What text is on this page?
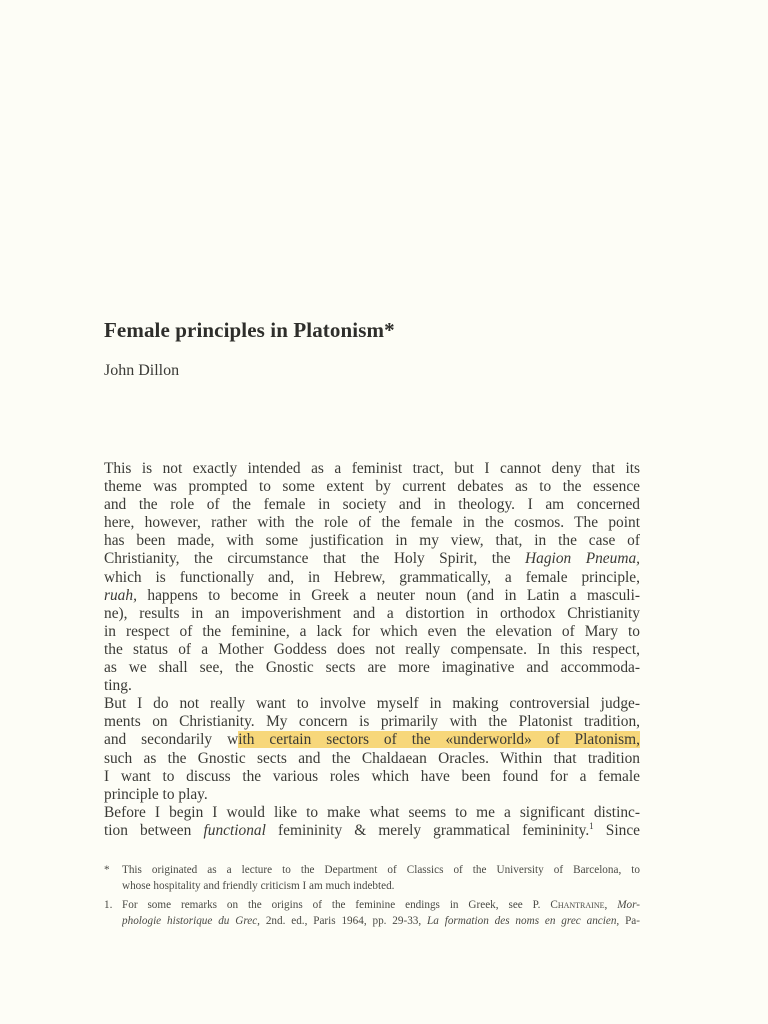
Female principles in Platonism*
John Dillon
This is not exactly intended as a feminist tract, but I cannot deny that its
theme was prompted to some extent by current debates as to the essence
and the role of the female in society and in theology. I am concerned
here, however, rather with the role of the female in the cosmos. The point
has been made, with some justification in my view, that, in the case of
Christianity, the circumstance that the Holy Spirit, the Hagion Pneuma,
which is functionally and, in Hebrew, grammatically, a female principle,
ruah, happens to become in Greek a neuter noun (and in Latin a masculi-
ne), results in an impoverishment and a distortion in orthodox Christianity
in respect of the feminine, a lack for which even the elevation of Mary to
the status of a Mother Goddess does not really compensate. In this respect,
as we shall see, the Gnostic sects are more imaginative and accommoda-
ting.
But I do not really want to involve myself in making controversial judge-
ments on Christianity. My concern is primarily with the Platonist tradition,
and secondarily with certain sectors of the «underworld» of Platonism,
such as the Gnostic sects and the Chaldaean Oracles. Within that tradition
I want to discuss the various roles which have been found for a female
principle to play.
Before I begin I would like to make what seems to me a significant distinc-
tion between functional femininity & merely grammatical femininity.$^1$ Since
* This originated as a lecture to the Department of Classics of the University of Barcelona, to
whose hospitality and friendly criticism I am much indebted.
1. For some remarks on the origins of the feminine endings in Greek, see P. Chantraine, Mor-
phologie historique du Grec, 2nd. ed., Paris 1964, pp. 29-33, La formation des noms en grec ancien, Pa-
